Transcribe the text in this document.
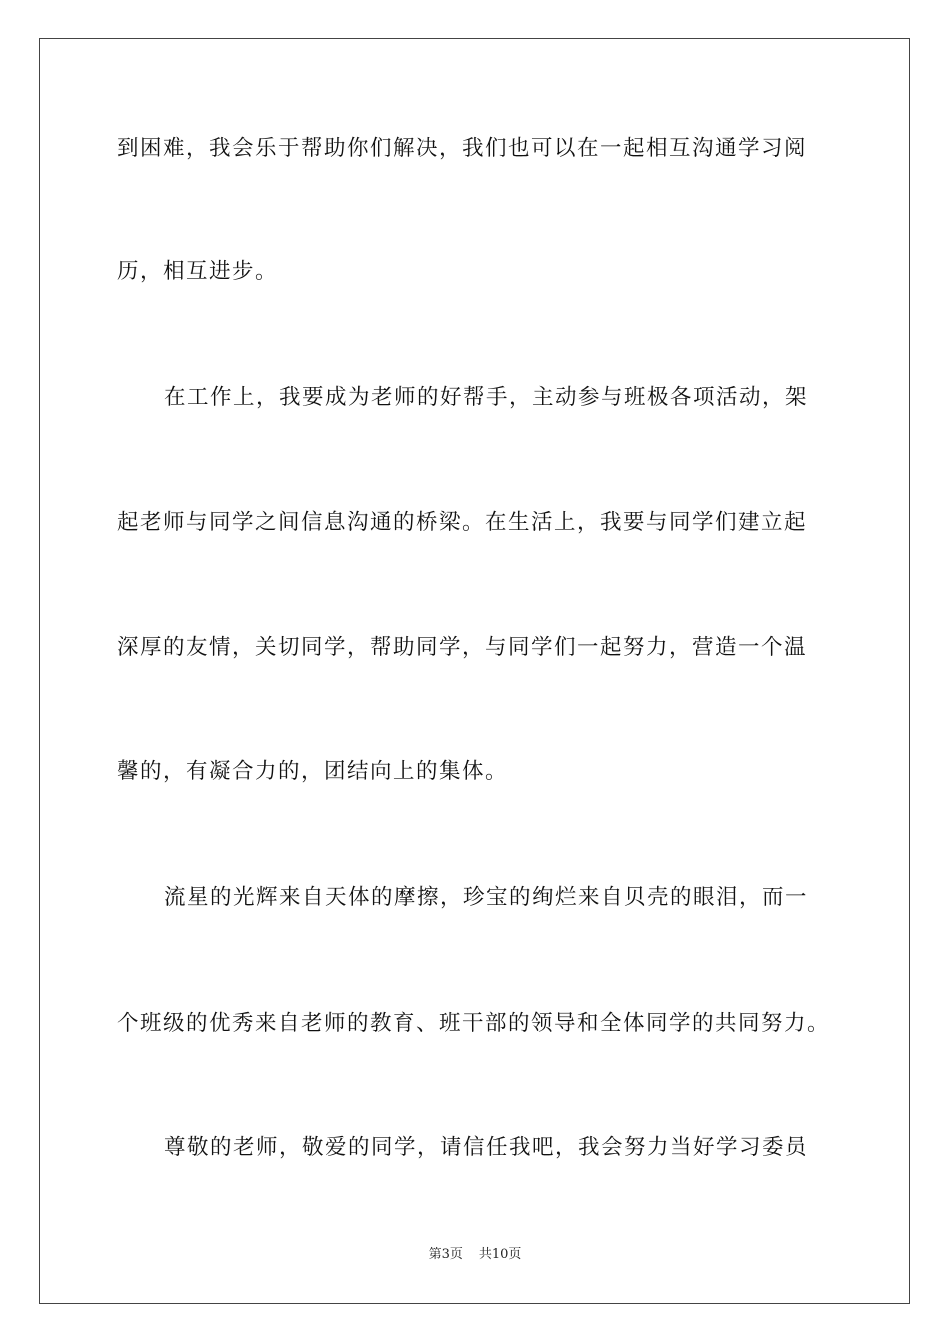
到困难，我会乐于帮助你们解决，我们也可以在一起相互沟通学习阅
历，相互进步。
在工作上，我要成为老师的好帮手，主动参与班极各项活动，架
起老师与同学之间信息沟通的桥梁。在生活上，我要与同学们建立起
深厚的友情，关切同学，帮助同学，与同学们一起努力，营造一个温
馨的，有凝合力的，团结向上的集体。
流星的光辉来自天体的摩擦，珍宝的绚烂来自贝壳的眼泪，而一
个班级的优秀来自老师的教育、班干部的领导和全体同学的共同努力。
尊敬的老师，敬爱的同学，请信任我吧，我会努力当好学习委员
第3页 共10页
